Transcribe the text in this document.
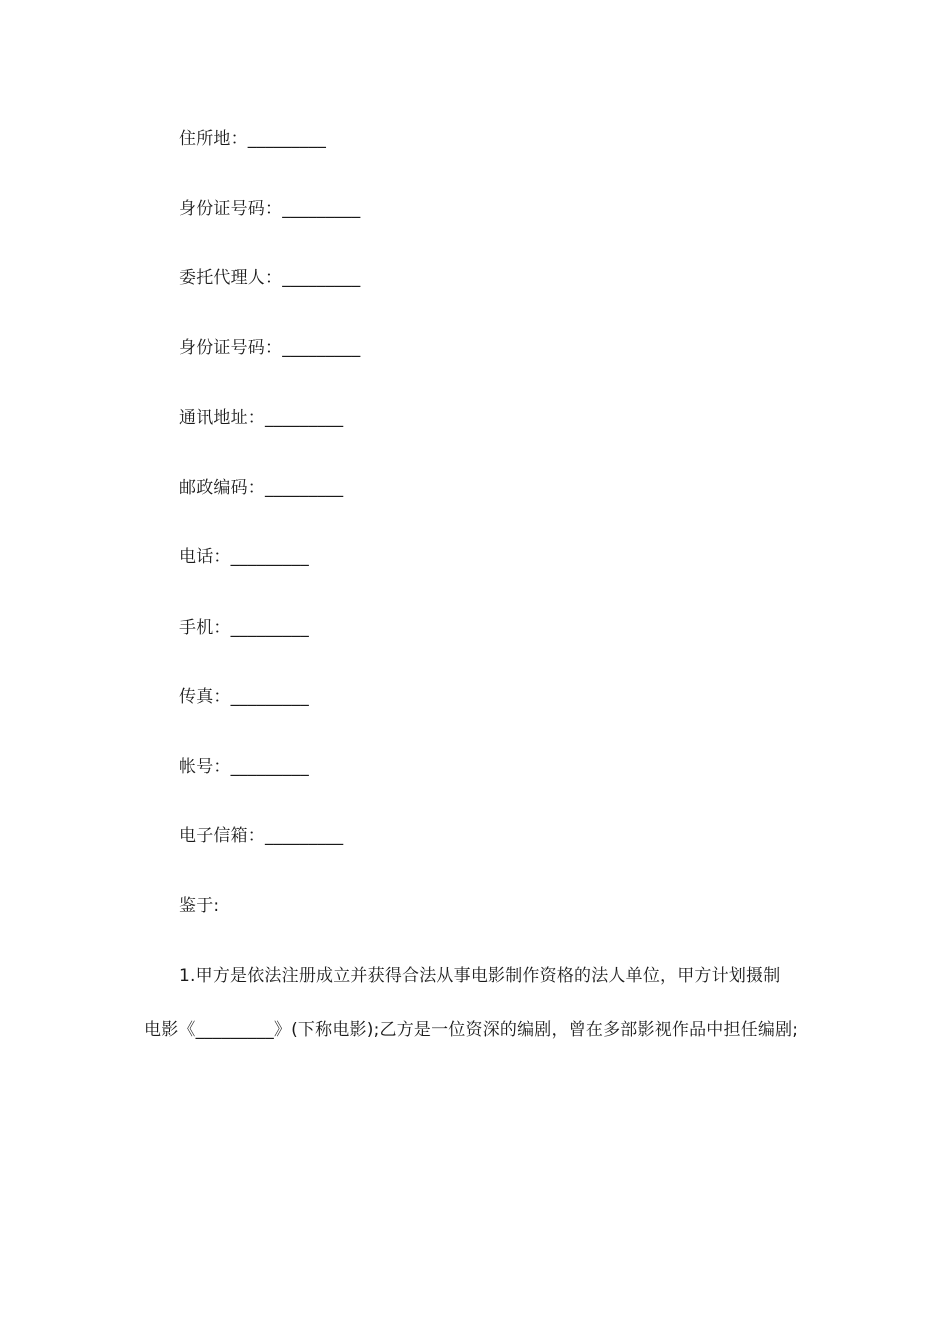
住所地：_________
身份证号码：_________
委托代理人：_________
身份证号码：_________
通讯地址：_________
邮政编码：_________
电话：_________
手机：_________
传真：_________
帐号：_________
电子信箱：_________
鉴于:
1.甲方是依法注册成立并获得合法从事电影制作资格的法人单位，甲方计划摄制
电影《_________》(下称电影);乙方是一位资深的编剧，曾在多部影视作品中担任编剧;
